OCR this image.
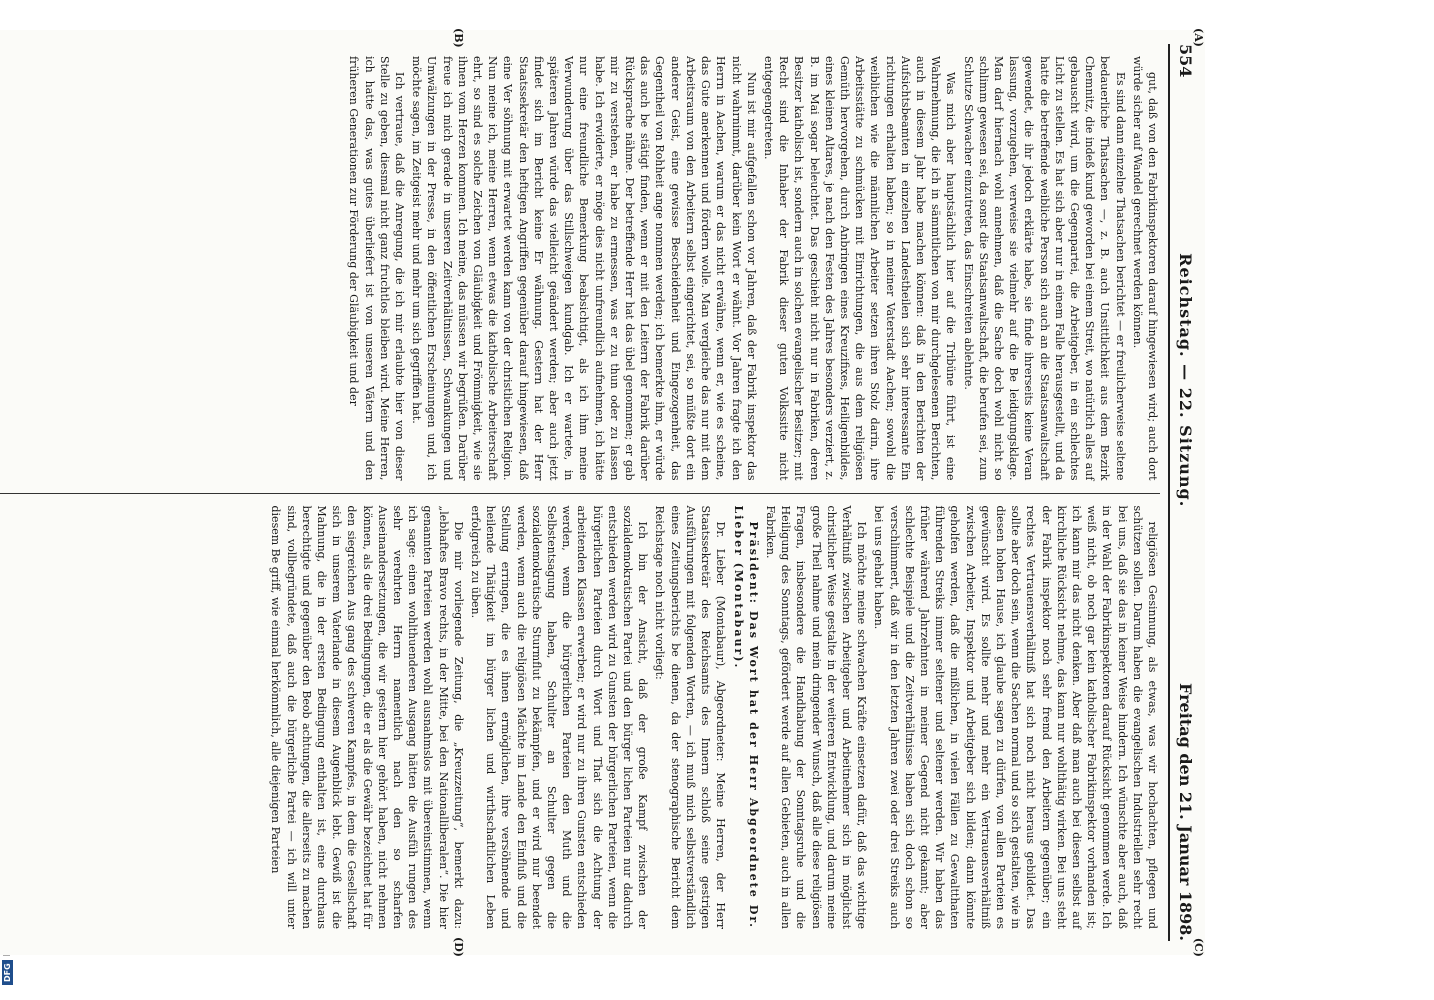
DFG
554
Reichstag. — 22. Sitzung.
Freitag den 21. Januar 1898.

gut, daß von den Fabrikinspektoren darauf hingewiesen wird; auch dort würde sicher auf Wandel gerechnet werden können.

Es sind dann einzelne Thatsachen berichtet — er freulicherweise seltene bedauerliche Thatsachen —, z. B. auch Unsittlichkeit aus dem Bezirk Chemnitz, die indeß kund geworden bei einem Streit, wo natürlich alles auf gebauscht wird, um die Gegenpartei, die Arbeitgeber, in ein schlechtes Licht zu stellen. Es hat sich aber nur in einem Falle herausgestellt, und da hatte die betreffende weibliche Person sich auch an die Staatsanwaltschaft gewendet, die ihr jedoch erklärte habe, sie finde ihrerseits keine Veran lassung, vorzugehen, verweise sie vielmehr auf die Be leidigungsklage. Man darf hiernach wohl annehmen, daß die Sache doch wohl nicht so schlimm gewesen sei, da sonst die Staatsanwaltschaft, die berufen sei, zum Schutze Schwacher einzutreten, das Einschreiten ablehnte.

Was mich aber hauptsächlich hier auf die Tribüne führt, ist eine Wahrnehmung, die ich in sämmtlichen von mir durchgelesenen Berichten, auch in diesem Jahr habe machen können: daß in den Berichten der Aufsichtsbeamten in einzelnen Landestheilen sich sehr interessante Ein richtungen erhalten haben; so in meiner Vaterstadt Aachen; sowohl die weiblichen wie die männlichen Arbeiter setzen ihren Stolz darin, ihre Arbeitsstätte zu schmücken mit Einrichtungen, die aus dem religiösen Gemüth hervorgehen, durch Anbringen eines Kreuzifixes, Heiligenbildes, eines kleinen Altares, je nach den Festen des Jahres besonders verziert, z. B. im Mai sogar beleuchtet. Das geschieht nicht nur in Fabriken, deren Besitzer katholisch ist, sondern auch in solchen evangelischer Besitzer; mit Recht sind die Inhaber der Fabrik dieser guten Volkssitte nicht entgegengetreten.

Nun ist mir aufgefallen schon vor Jahren, daß der Fabrik inspektor das nicht wahrnimmt, darüber kein Wort er wähnt. Vor Jahren fragte ich den Herrn in Aachen, warum er das nicht erwähne, wenn er, wie es scheine, das Gute anerkennen und fördern wolle. Man vergleiche das nur mit dem Arbeitsraum von den Arbeitern selbst eingerichtet, sei, so müßte dort ein anderer Geist, eine gewisse Bescheidenheit und Eingezogenheit, das Gegentheil von Rohheit ange nommen werden; ich bemerkte ihm, er würde das auch be stätigt finden, wenn er mit den Leitern der Fabrik darüber Rücksprache nähme. Der betreffende Herr hat das übel genommen; er gab mir zu verstehen, er habe zu ermessen, was er zu thun oder zu lassen habe. Ich erwiderte, er möge dies nicht unfreundlich aufnehmen, ich hätte nur eine freundliche Bemerkung beabsichtigt, als ich ihm meine Verwunderung über das Stillschweigen kundgab. Ich er wartete, in späteren Jahren würde das vielleicht geändert werden; aber auch jetzt findet sich im Bericht keine Er wähnung. Gestern hat der Herr Staatssekretär den heftigen Angriffen gegenüber darauf hingewiesen, daß eine Ver söhnung mit erwartet werden kann von der christlichen Religion. Nun meine ich, meine Herren, wenn etwas die katholische Arbeiterschaft ehrt, so sind es solche Zeichen von Gläubigkeit und Frömmigkeit, wie sie ihnen vom Herzen kommen. Ich meine, das müssen wir begrüßen. Darüber freue ich mich gerade in unseren Zeitverhältnissen, Schwankungen und Umwälzungen in der Presse, in den öffentlichen Erscheinungen und, ich möchte sagen, im Zeitgeist mehr und mehr um sich gegriffen hat.

Ich vertraue, daß die Anregung, die ich mir erlaubte hier von dieser Stelle zu geben, diesmal nicht ganz fruchtlos bleiben wird. Meine Herren, ich hatte das, was gutes überliefert ist von unseren Vätern und den früheren Generationen zur Förderung der Gläubigkeit und der

religiösen Gesinnung, als etwas, was wir hochachten, pflegen und schützen sollen. Darum haben die evangelischen Industriellen sehr recht bei uns, daß sie das in keiner Weise hindern. Ich wünschte aber auch, daß in der Wahl der Fabrikinspektoren darauf Rücksicht genommen werde. Ich weiß nicht, ob noch gar kein katholischer Fabrikinspektor vorhanden ist; ich kann mir das nicht denken. Aber daß man auch bei diesen selbst auf kirchliche Rücksicht nehme, das kann nur wohlthätig wirken. Bei uns steht der Fabrik inspektor noch sehr fremd den Arbeitern gegenüber; ein rechtes Vertrauensverhältniß hat sich noch nicht heraus gebildet. Das sollte aber doch sein, wenn die Sachen normal und so sich gestalten, wie in diesen hohen Hause, ich glaube sagen zu dürfen, von allen Parteien es gewünscht wird. Es sollte mehr und mehr ein Vertrauensverhältniß zwischen Arbeiter, Inspektor und Arbeitgeber sich bilden; dann könnte geholfen werden, daß die mißlichen, in vielen Fällen zu Gewaltthaten führenden Streiks immer seltener und seltener werden. Wir haben das früher während Jahrzehnten in meiner Gegend nicht gekannt; aber schlechte Beispiele und die Zeitverhältnisse haben sich doch schon so verschlimmert, daß wir in den letzten Jahren zwei oder drei Streiks auch bei uns gehabt haben.

Ich möchte meine schwachen Kräfte einsetzen dafür, daß das wichtige Verhältniß zwischen Arbeitgeber und Arbeitnehmer sich in möglichst christlicher Weise gestalte in der weiteren Entwicklung, und darum meine große Theil nahme und mein dringender Wunsch, daß alle diese religiösen Fragen, insbesondere die Handhabung der Sonntagsruhe und die Heiligung des Sonntags, gefördert werde auf allen Gebieten, auch in allen Fabriken.

Präsident: Das Wort hat der Herr Abgeordnete Dr. Lieber (Montabaur).

Dr. Lieber (Montabaur), Abgeordneter: Meine Herren, der Herr Staatssekretär des Reichsamts des Innern schloß seine gestrigen Ausführungen mit folgenden Worten, — ich muß mich selbstverständlich eines Zeitungsberichts be dienen, da der stenographische Bericht dem Reichstage noch nicht vorliegt:

Ich bin der Ansicht, daß der große Kampf zwischen der sozialdemokratischen Partei und den bürger lichen Parteien nur dadurch entschieden werden wird zu Gunsten der bürgerlichen Parteien, wenn die bürgerlichen Parteien durch Wort und That sich die Achtung der arbeitenden Klassen erwerben; er wird nur zu ihren Gunsten entschieden werden, wenn die bürgerlichen Parteien den Muth und die Selbstentsagung haben, Schulter an Schulter gegen die sozialdemokratische Sturmflut zu bekämpfen, und er wird nur beendet werden, wenn auch die religiösen Mächte im Lande den Einfluß und die Stellung erringen, die es ihnen ermöglichen, ihre versöhnende und heilende Thätigkeit im bürger lichen und wirthschaftlichen Leben erfolgreich zu üben.

Die mir vorliegende Zeitung, die „Kreuzzeitung“, bemerkt dazu: „lebhaftes Bravo rechts, in der Mitte, bei den Nationalliberalen“. Die hier genannten Parteien werden wohl ausnahmslos mit übereinstimmen, wenn ich sage: einen wohlthuenderen Ausgang hätten die Ausfüh rungen des sehr verehrten Herrn namentlich nach den so scharfen Auseinandersetzungen, die wir gestern hier gehört haben, nicht nehmen können, als die drei Bedingungen, die er als die Gewähr bezeichnet hat für den siegreichen Aus gang des schweren Kampfes, in dem die Gesellschaft sich in unserem Vaterlande in diesem Augenblick lebt. Gewiß ist die Mahnung, die in der ersten Bedingung enthalten ist, eine durchaus berechtigte und gegenüber den Beob achtungen, die allerseits zu machen sind, vollbegründete, daß auch die bürgerliche Partei — ich will unter diesem Be griff, wie einmal herkömmlich, alle diejenigen Parteien

(A)
(B)
(C)
(D)
